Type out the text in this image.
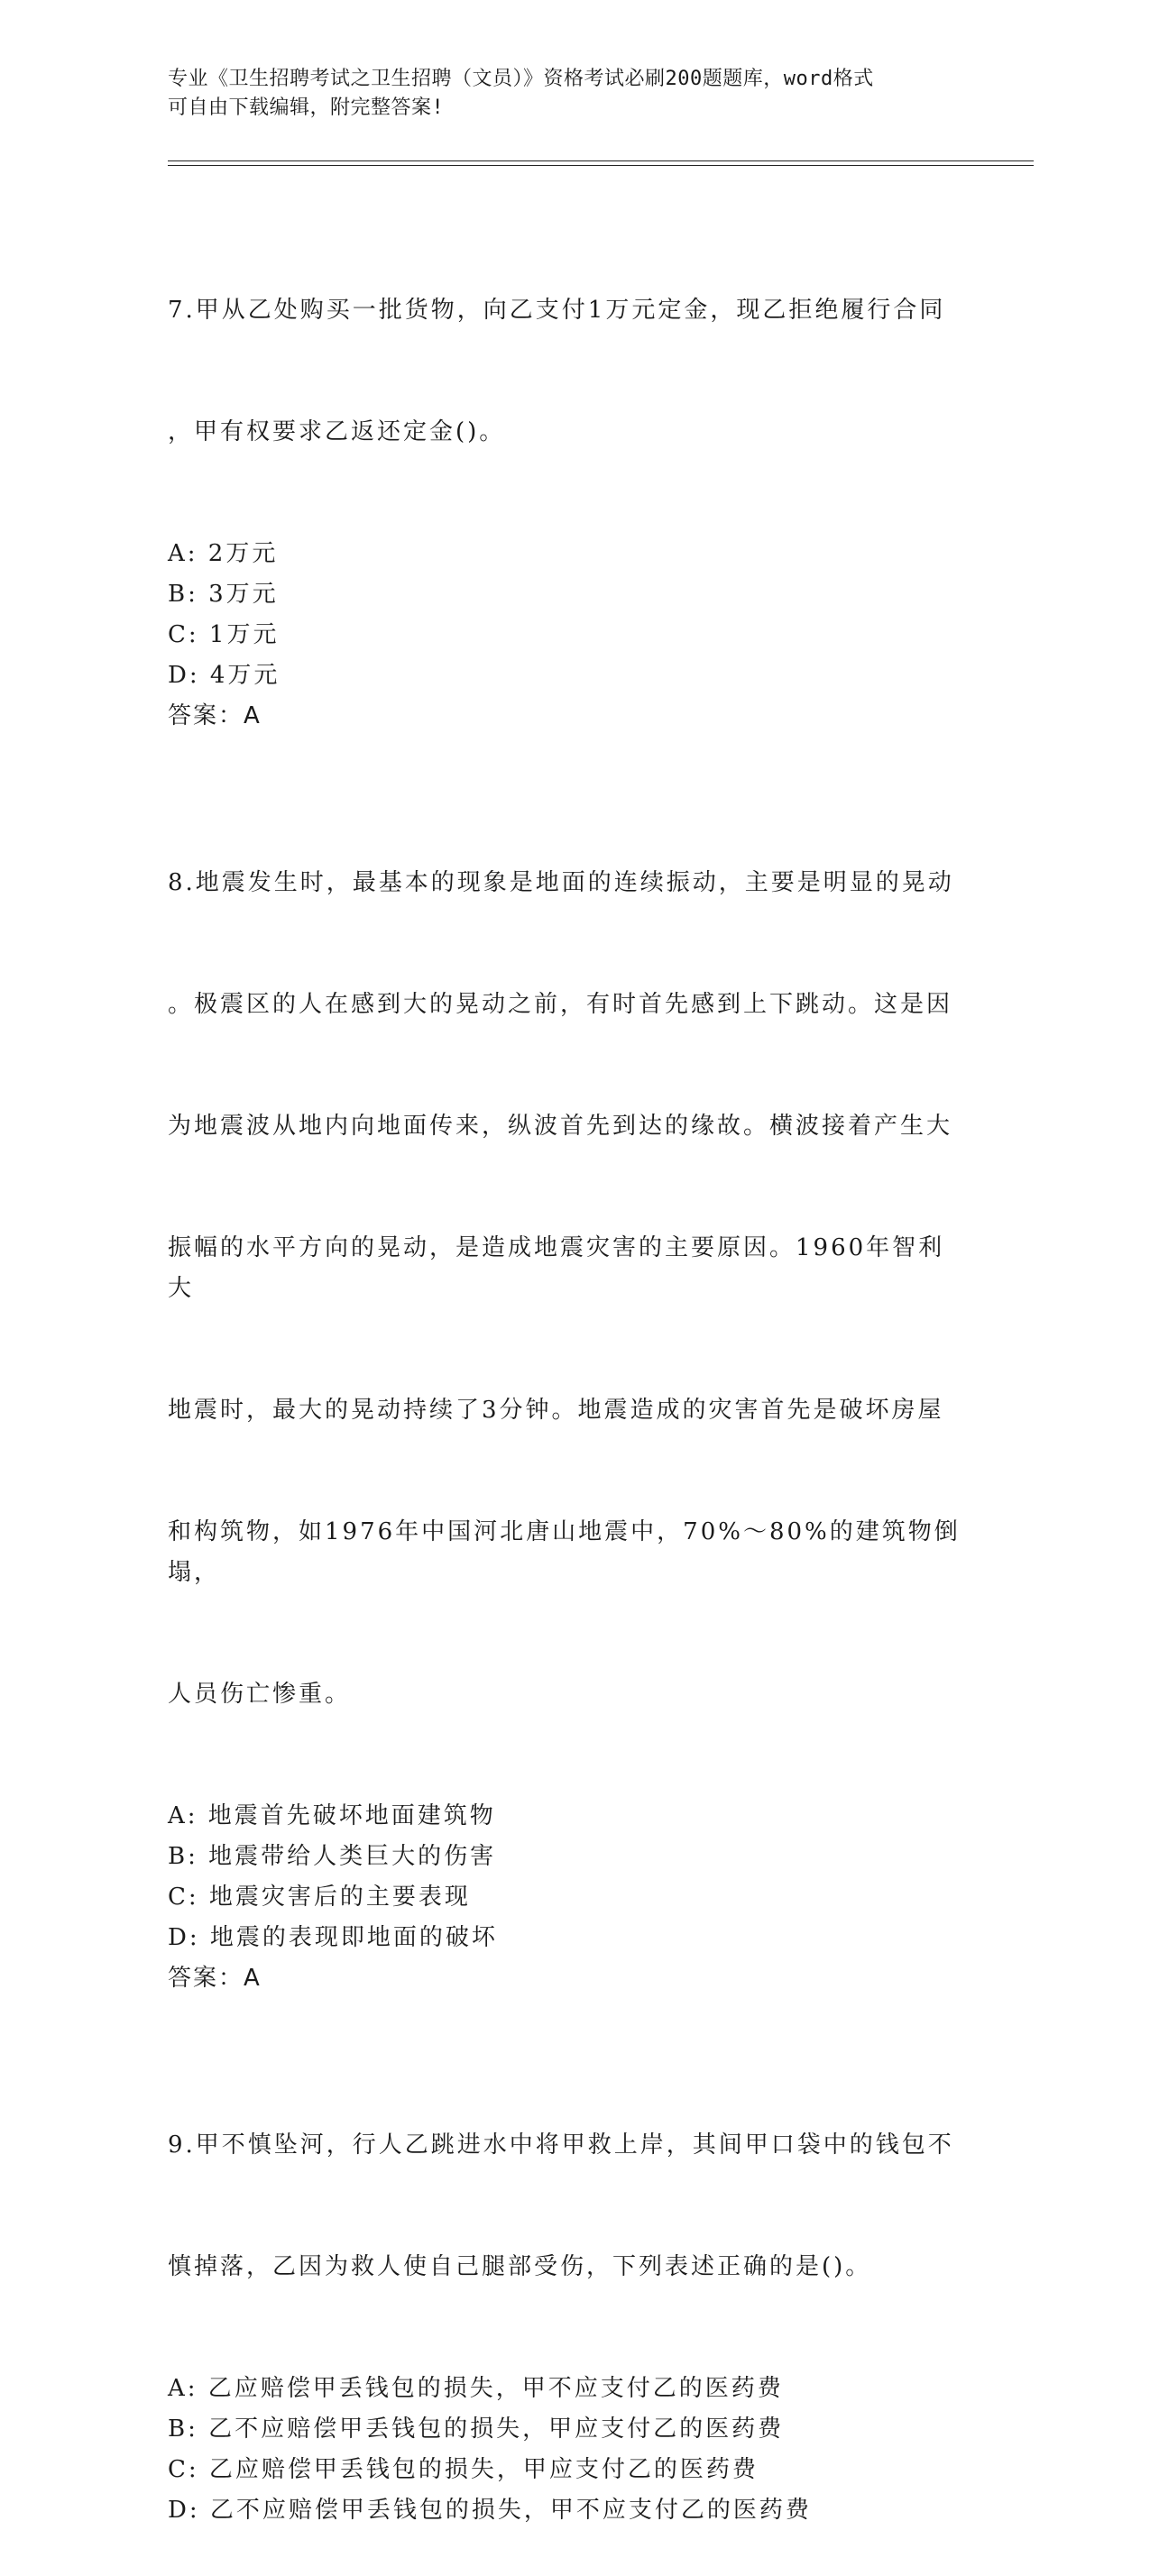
专业《卫生招聘考试之卫生招聘（文员）》资格考试必刷200题题库，word格式
可自由下载编辑，附完整答案!

7.甲从乙处购买一批货物，向乙支付1万元定金，现乙拒绝履行合同

，甲有权要求乙返还定金()。

A: 2万元
B: 3万元
C: 1万元
D: 4万元
答案：A

8.地震发生时，最基本的现象是地面的连续振动，主要是明显的晃动

。极震区的人在感到大的晃动之前，有时首先感到上下跳动。这是因

为地震波从地内向地面传来，纵波首先到达的缘故。横波接着产生大

振幅的水平方向的晃动，是造成地震灾害的主要原因。1960年智利大

地震时，最大的晃动持续了3分钟。地震造成的灾害首先是破坏房屋

和构筑物，如1976年中国河北唐山地震中，70%～80%的建筑物倒塌，

人员伤亡惨重。

A: 地震首先破坏地面建筑物
B: 地震带给人类巨大的伤害
C: 地震灾害后的主要表现
D: 地震的表现即地面的破坏
答案：A

9.甲不慎坠河，行人乙跳进水中将甲救上岸，其间甲口袋中的钱包不

慎掉落，乙因为救人使自己腿部受伤，下列表述正确的是()。

A: 乙应赔偿甲丢钱包的损失，甲不应支付乙的医药费
B: 乙不应赔偿甲丢钱包的损失，甲应支付乙的医药费
C: 乙应赔偿甲丢钱包的损失，甲应支付乙的医药费
D: 乙不应赔偿甲丢钱包的损失，甲不应支付乙的医药费
